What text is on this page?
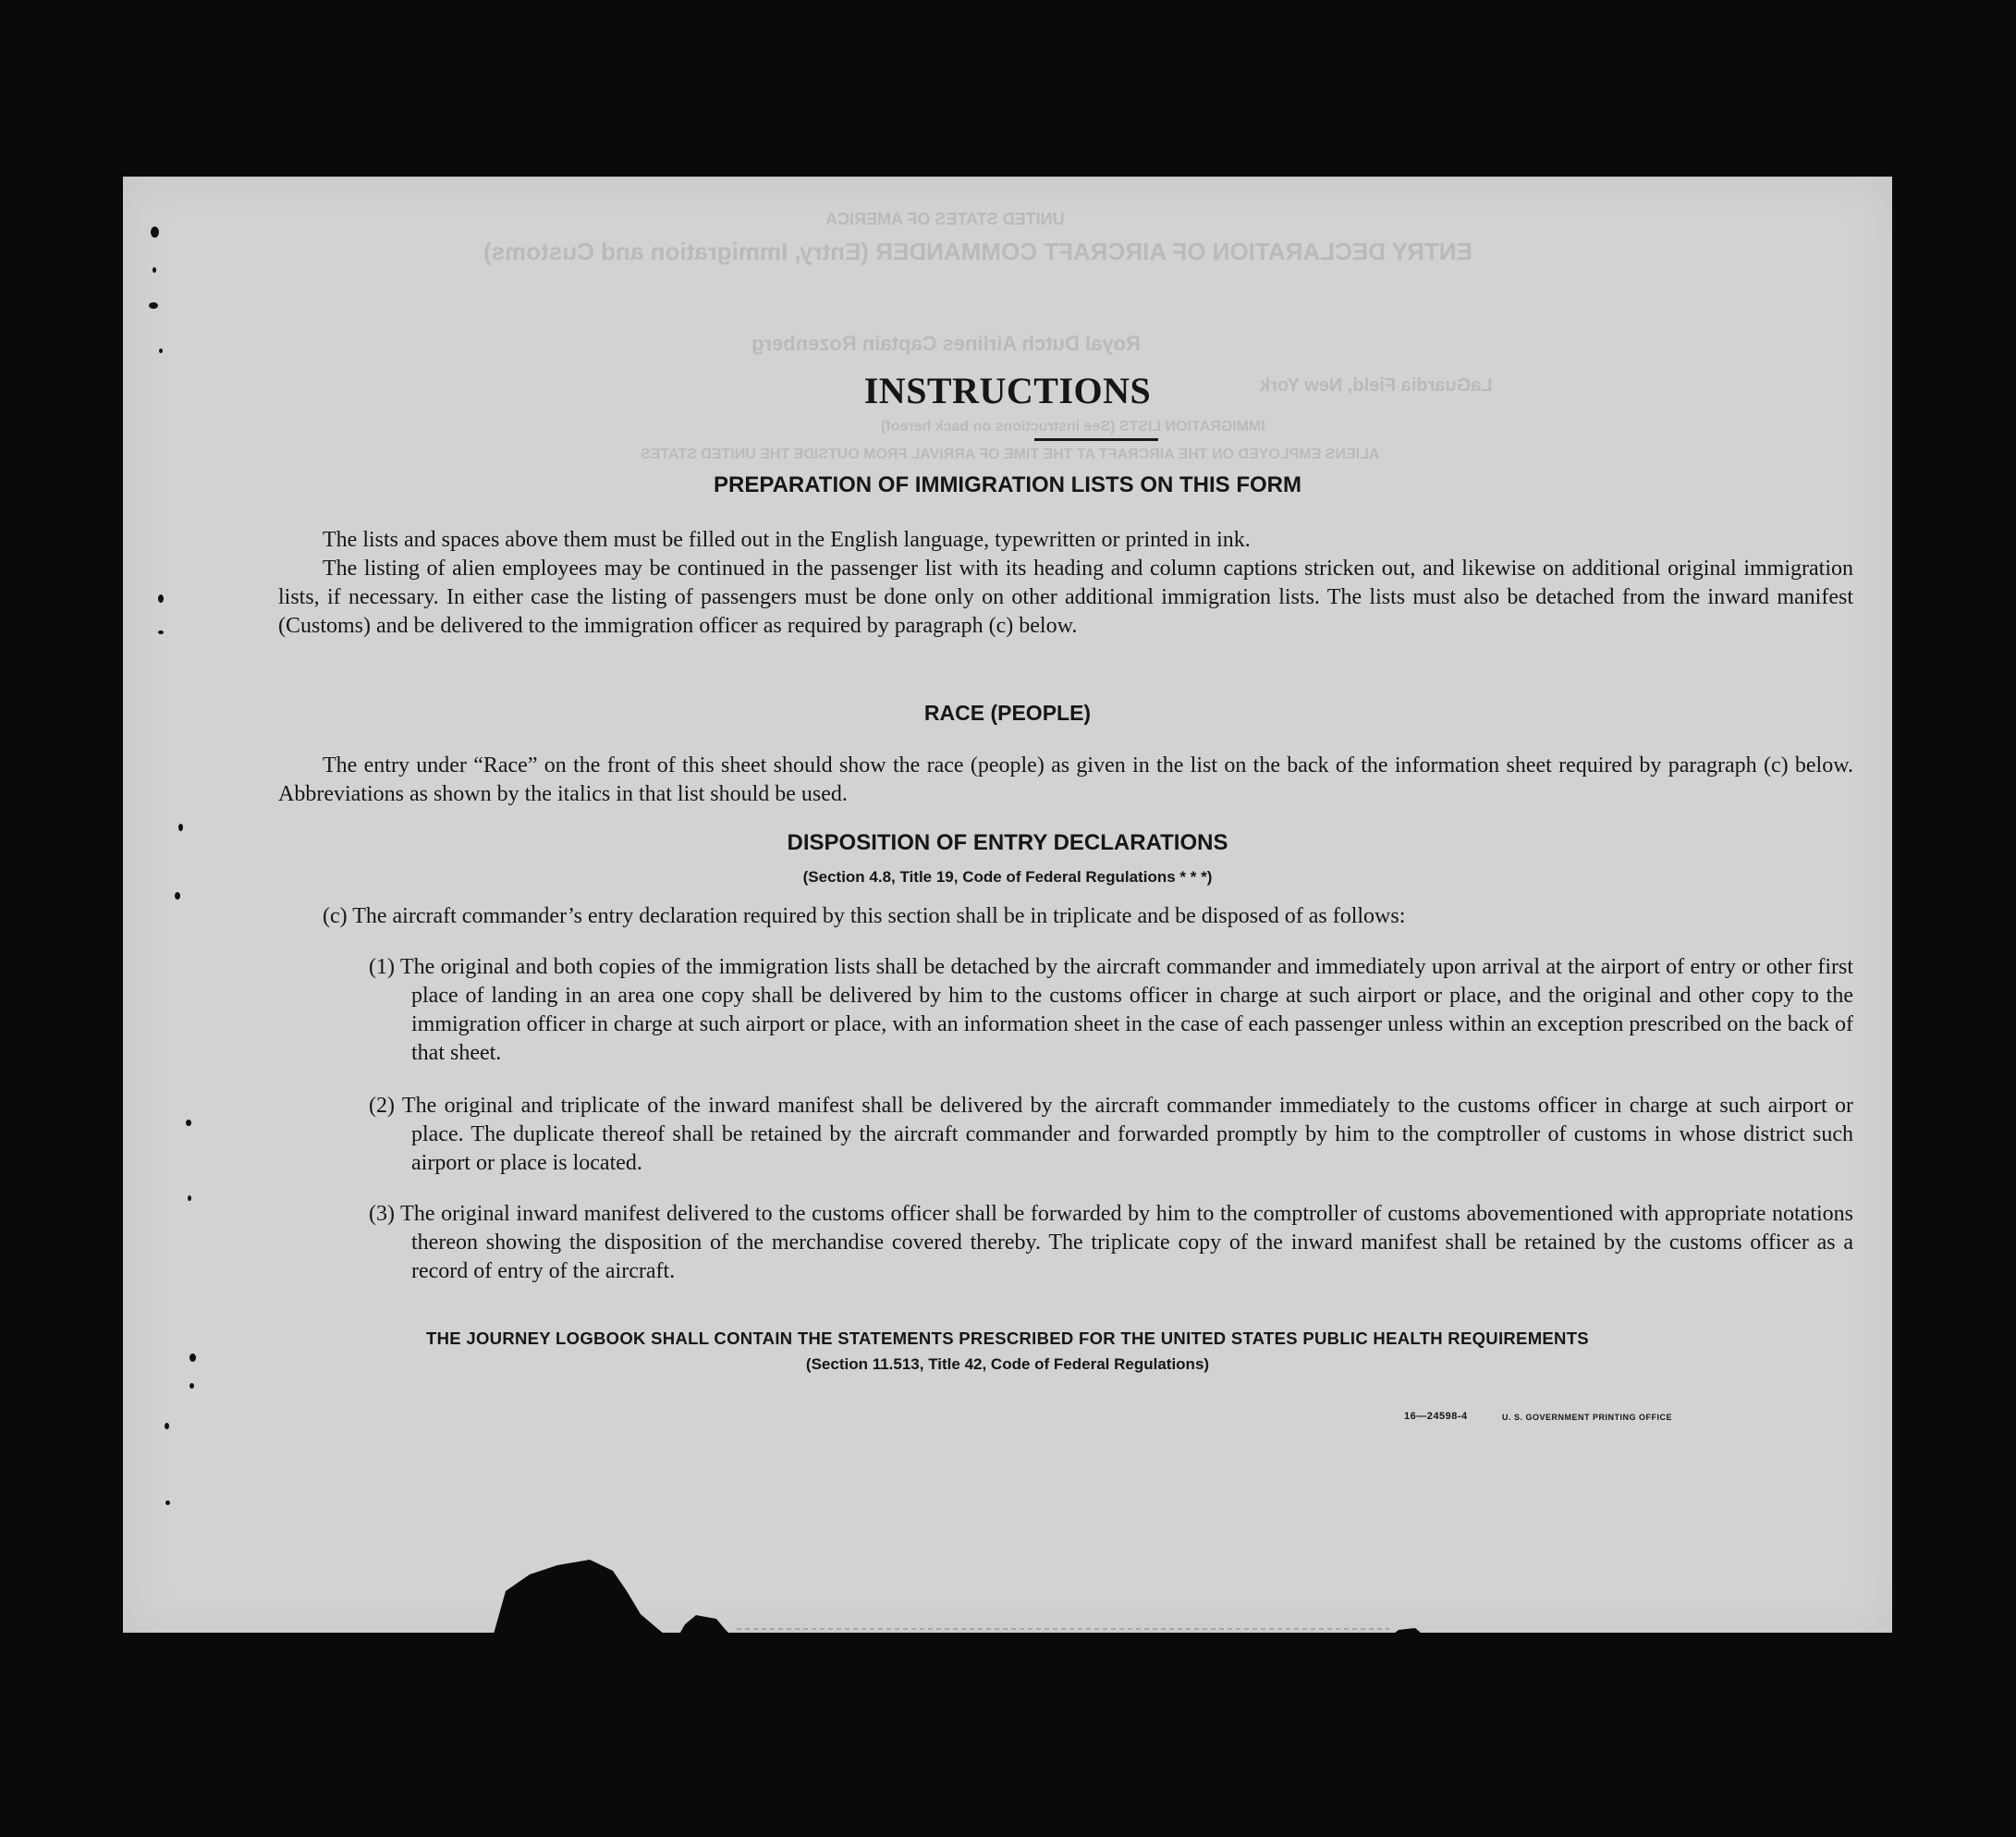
UNITED STATES OF AMERICA
ENTRY DECLARATION OF AIRCRAFT COMMANDER (Entry, Immigration and Customs)
Royal Dutch Airlines Captain Rozenberg
LaGuardia Field, New York
IMMIGRATION LISTS (See instructions on back hereof)
ALIENS EMPLOYED ON THE AIRCRAFT AT THE TIME OF ARRIVAL FROM OUTSIDE THE UNITED STATES
INSTRUCTIONS
PREPARATION OF IMMIGRATION LISTS ON THIS FORM

The lists and spaces above them must be filled out in the English language, typewritten or printed in ink.

The listing of alien employees may be continued in the passenger list with its heading and column captions stricken out, and likewise on additional original immigration lists, if necessary. In either case the listing of passengers must be done only on other additional immigration lists. The lists must also be detached from the inward manifest (Customs) and be delivered to the immigration officer as required by paragraph (c) below.

RACE (PEOPLE)

The entry under “Race” on the front of this sheet should show the race (people) as given in the list on the back of the information sheet required by paragraph (c) below. Abbreviations as shown by the italics in that list should be used.

DISPOSITION OF ENTRY DECLARATIONS
(Section 4.8, Title 19, Code of Federal Regulations * * *)

(c) The aircraft commander’s entry declaration required by this section shall be in triplicate and be disposed of as follows:

(1) The original and both copies of the immigration lists shall be detached by the aircraft commander and immediately upon arrival at the airport of entry or other first place of landing in an area one copy shall be delivered by him to the customs officer in charge at such airport or place, and the original and other copy to the immigration officer in charge at such airport or place, with an information sheet in the case of each passenger unless within an exception prescribed on the back of that sheet.
(2) The original and triplicate of the inward manifest shall be delivered by the aircraft commander immediately to the customs officer in charge at such airport or place. The duplicate thereof shall be retained by the aircraft commander and forwarded promptly by him to the comptroller of customs in whose district such airport or place is located.
(3) The original inward manifest delivered to the customs officer shall be forwarded by him to the comptroller of customs abovementioned with appropriate notations thereon showing the disposition of the merchandise covered thereby. The triplicate copy of the inward manifest shall be retained by the customs officer as a record of entry of the aircraft.
THE JOURNEY LOGBOOK SHALL CONTAIN THE STATEMENTS PRESCRIBED FOR THE UNITED STATES PUBLIC HEALTH REQUIREMENTS
(Section 11.513, Title 42, Code of Federal Regulations)
16—24598-4	U. S. GOVERNMENT PRINTING OFFICE
